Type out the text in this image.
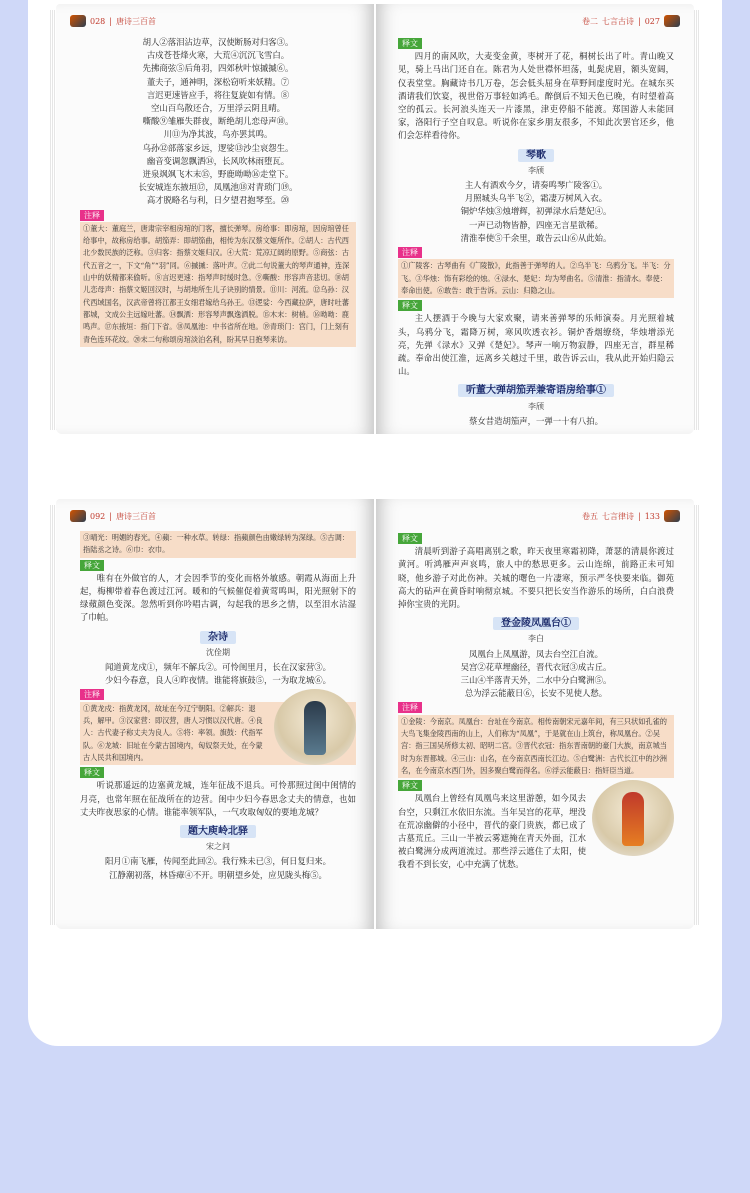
028 | 唐诗三百首
胡人②落泪沾边草，汉使断肠对归客③。
古戍苍苍烽火寒，大荒④沉沉飞雪白。
先拂商弦⑤后角羽，四郊秋叶惊摵摵⑥。
董夫子，通神明，深松窃听来妖精。⑦
言迟更速皆应手，将往复旋如有情。⑧
空山百鸟散还合，万里浮云阴且晴。
嘶酸⑨雏雁失群夜，断绝胡儿恋母声⑩。
川⑪为净其波，鸟亦罢其鸣。
乌孙⑫部落家乡远，逻娑⑬沙尘哀怨生。
幽音变调忽飘洒⑭，长风吹林雨堕瓦。
迸泉飒飒飞木末⑮，野鹿呦呦⑯走堂下。
长安城连东掖垣⑰，凤凰池⑱对青琐门⑲。
高才脱略名与利，日夕望君抱琴至。⑳
注释
①董大：董庭兰，唐肃宗宰相房琯的门客，擅长弹琴。房给事：即房琯，因房琯曾任给事中，故称房给事。胡笳弄：即胡笳曲，相传为东汉蔡文姬所作。②胡人：古代西北少数民族的泛称。③归客：指蔡文姬归汉。④大荒：荒凉辽阔的原野。⑤商弦：古代五音之一，下文“角”“羽”同。⑥摵摵：落叶声。⑦此二句说董大的琴声通神，连深山中的妖精都来偷听。⑧言迟更速：指琴声时缓时急。⑨嘶酸：形容声音悲切。⑩胡儿恋母声：指蔡文姬回汉时，与胡地所生儿子诀别的情景。⑪川：河流。⑫乌孙：汉代西域国名，汉武帝曾将江都王女细君嫁给乌孙王。⑬逻娑：今西藏拉萨，唐时吐蕃都城，文成公主远嫁吐蕃。⑭飘洒：形容琴声飘逸洒脱。⑮木末：树梢。⑯呦呦：鹿鸣声。⑰东掖垣：指门下省。⑱凤凰池：中书省所在地。⑲青琐门：宫门，门上刻有青色连环花纹。⑳末二句称颂房琯淡泊名利，盼其早日抱琴来访。
卷二 七言古诗 | 027
释文
四月的南风吹，大麦变金黄，枣树开了花，桐树长出了叶。青山晚又见，骑上马出门还自在。陈君为人处世襟怀坦荡，虬髭虎眉，额头宽阔，仪表堂堂。胸藏诗书几万卷，怎会低头屈身在草野间虚度时光。在城东买酒请我们饮宴，视世俗万事轻如鸿毛。醉倒后不知天色已晚，有时望着高空的孤云。长河浪头连天一片漆黑，津吏停船不能渡。郑国游人未能回家，洛阳行子空自叹息。听说你在家乡朋友很多，不知此次罢官还乡，他们会怎样看待你。
琴歌
李颀
主人有酒欢今夕，请奏鸣琴广陵客①。
月照城头乌半飞②，霜凄万树风入衣。
铜炉华烛③烛增辉，初弹渌水后楚妃④。
一声已动物皆静，四座无言星欲稀。
清淮奉使⑤千余里，敢告云山⑥从此始。
注释
①广陵客：古琴曲有《广陵散》，此指善于弹琴的人。②乌半飞：乌鸦分飞。半飞：分飞。③华烛：饰有彩绘的烛。④渌水、楚妃：均为琴曲名。⑤清淮：指清水。奉使：奉命出使。⑥敢告：敢于告诉。云山：归隐之山。
释文
主人摆酒于今晚与大家欢聚，请来善弹琴的乐师演奏。月光照着城头，乌鸦分飞，霜降万树，寒风吹透衣衫。铜炉香烟缭绕，华烛增添光亮，先弹《渌水》又弹《楚妃》。琴声一响万物寂静，四座无言，群星稀疏。奉命出使江淮，远离乡关越过千里，敢告诉云山，我从此开始归隐云山。
听董大弹胡笳弄兼寄语房给事①
李颀
蔡女昔造胡笳声，一弹一十有八拍。
092 | 唐诗三百首
③晴光：明媚的春光。④蘋：一种水草。转绿：指蘋颜色由嫩绿转为深绿。⑤古调：指陆丞之诗。⑥巾：衣巾。
释文
唯有在外做官的人，才会因季节的变化而格外敏感。朝霞从海面上升起，梅柳带着春色渡过江河。暖和的气候催促着黄莺鸣叫，阳光照射下的绿蘋颜色变深。忽然听到你吟唱古调，勾起我的思乡之情，以至泪水沾湿了巾帕。
杂诗
沈佺期
闻道黄龙戍①，频年不解兵②。可怜闺里月，长在汉家营③。
少妇今春意，良人④昨夜情。谁能将旗鼓⑤，一为取龙城⑥。
注释
①黄龙戍：指黄龙冈，故址在今辽宁朝阳。②解兵：退兵，解甲。③汉家营：即汉营，唐人习惯以汉代唐。④良人：古代妻子称丈夫为良人。⑤将：率领。旗鼓：代指军队。⑥龙城：旧址在今蒙古国境内，匈奴祭天处，在今蒙古人民共和国境内。
释文
听说那遥远的边塞黄龙城，连年征战不退兵。可怜那照过闺中闺情的月亮，也常年照在征战所在的边营。闺中少妇今春思念丈夫的情意，也如丈夫昨夜思家的心情。谁能率领军队，一气攻取匈奴的要地龙城？
题大庾岭北驿
宋之问
阳月①南飞雁，传闻至此回②。我行殊未已③，何日复归来。
江静潮初落，林昏瘴④不开。明朝望乡处，应见陇头梅⑤。
卷五 七言律诗 | 133
释文
清晨听到游子高唱离别之歌，昨天夜里寒霜初降，萧瑟的清晨你渡过黄河。听鸿雁声声哀鸣，旅人中的愁思更多。云山连绵，前路正未可知晓，他乡游子对此伤神。关城的曙色一片凄寒，预示严冬快要来临。御苑高大的砧声在黄昏时响彻京城。不要只把长安当作游乐的场所，白白浪费掉你宝贵的光阴。
登金陵凤凰台①
李白
凤凰台上凤凰游，凤去台空江自流。
吴宫②花草埋幽径，晋代衣冠③成古丘。
三山④半落青天外，二水中分白鹭洲⑤。
总为浮云能蔽日⑥，长安不见使人愁。
注释
①金陵：今南京。凤凰台：台址在今南京。相传南朝宋元嘉年间，有三只状如孔雀的大鸟飞集金陵西南的山上，人们称为“凤凰”，于是就在山上筑台，称凤凰台。②吴宫：指三国吴所修太初、昭明二宫。③晋代衣冠：指东晋南朝的豪门大族，南京城当时为东晋都城。④三山：山名，在今南京西南长江边。⑤白鹭洲：古代长江中的沙洲名，在今南京水西门外，因多聚白鹭而得名。⑥浮云能蔽日：指奸臣当道。
释文
凤凰台上曾经有凤凰鸟来这里游憩，如今凤去台空，只剩江水依旧东流。当年吴宫的花草，埋没在荒凉幽僻的小径中，晋代的豪门贵族，都已成了古墓荒丘。三山一半被云雾遮掩在青天外面，江水被白鹭洲分成两道流过。那些浮云遮住了太阳，使我看不到长安，心中充满了忧愁。
